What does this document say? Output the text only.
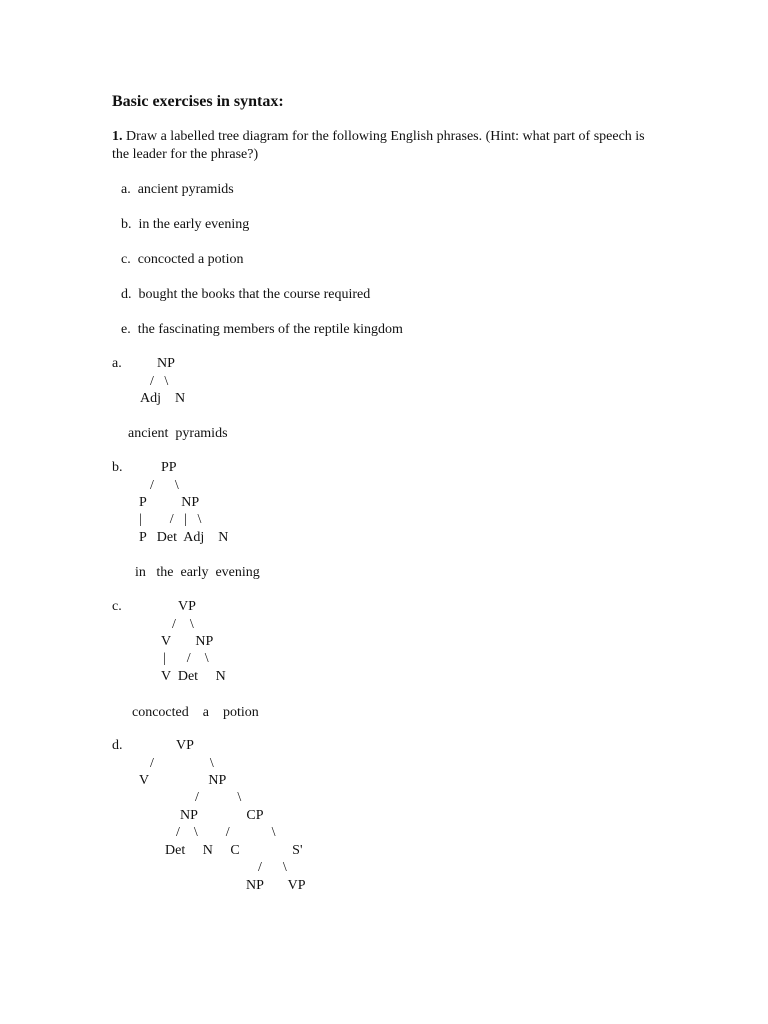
Basic exercises in syntax:
1. Draw a labelled tree diagram for the following English phrases. (Hint: what part of speech is the leader for the phrase?)
a.  ancient pyramids
b.  in the early evening
c.  concocted a potion
d.  bought the books that the course required
e.  the fascinating members of the reptile kingdom
a.	NP
/   \
Adj    N
ancient  pyramids
b.	PP
/      \
P          NP
|        /   |   \
P   Det  Adj    N
in   the  early  evening
c.	VP
/    \
V       NP
|      /    \
V  Det     N
concocted    a    potion
d.	VP
/                \
V                 NP
/           \
NP              CP
/    \        /            \
Det     N     C               S'
/      \
NP       VP
